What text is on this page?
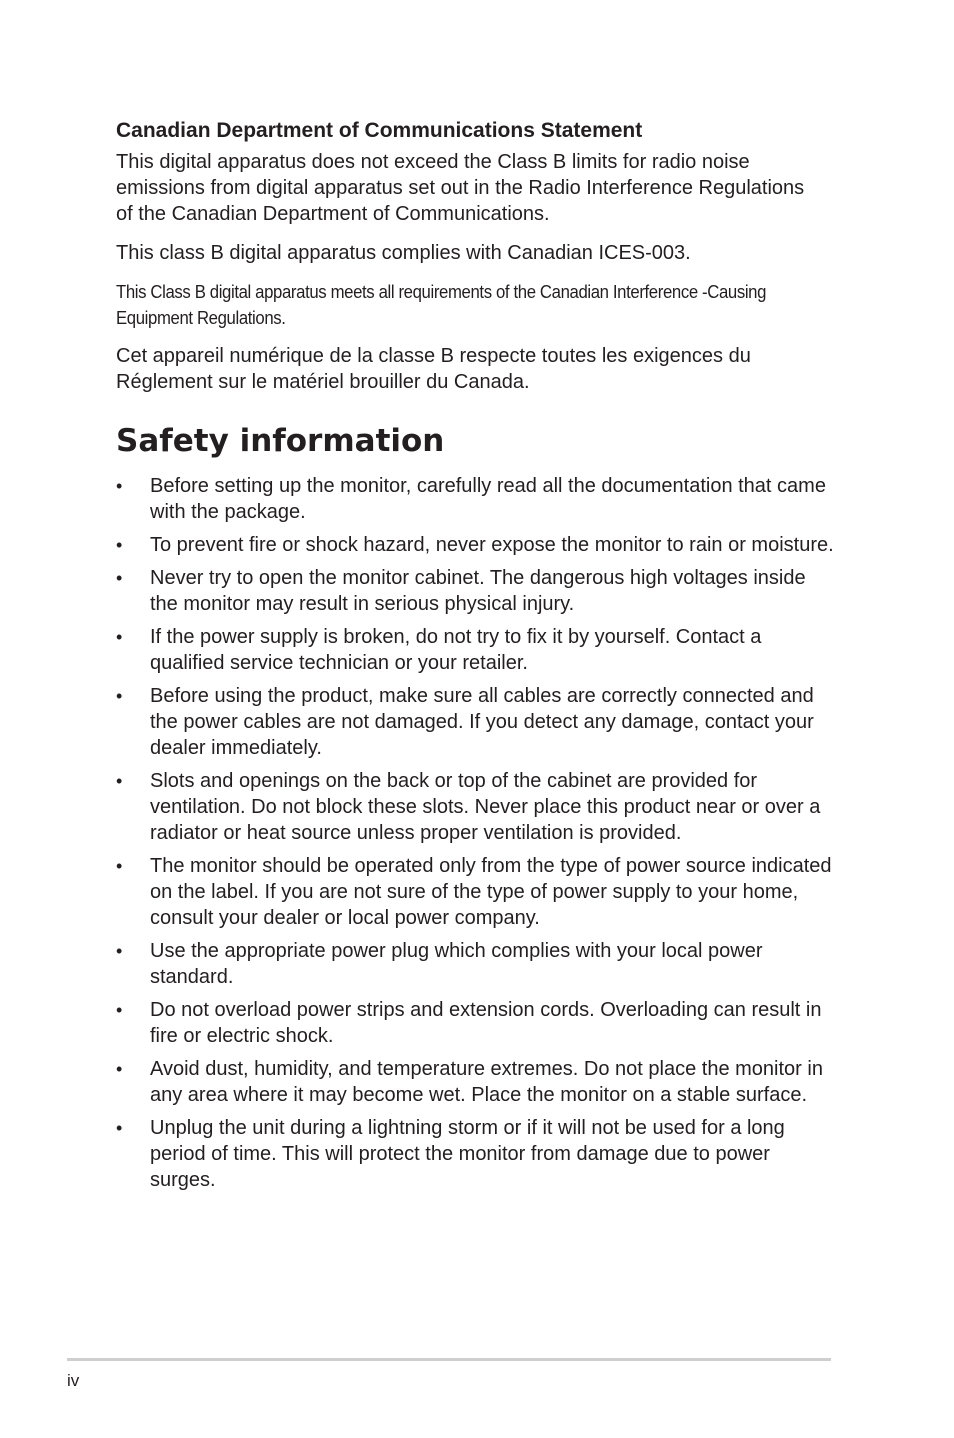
Canadian Department of Communications Statement

This digital apparatus does not exceed the Class B limits for radio noise emissions from digital apparatus set out in the Radio Interference Regulations of the Canadian Department of Communications.

This class B digital apparatus complies with Canadian ICES-003.

This Class B digital apparatus meets all requirements of the Canadian Interference -Causing Equipment Regulations.

Cet appareil numérique de la classe B respecte toutes les exigences du Réglement sur le matériel brouiller du Canada.

Safety information
• Before setting up the monitor, carefully read all the documentation that came with the package.
• To prevent fire or shock hazard, never expose the monitor to rain or moisture.
• Never try to open the monitor cabinet. The dangerous high voltages inside the monitor may result in serious physical injury.
• If the power supply is broken, do not try to fix it by yourself. Contact a qualified service technician or your retailer.
• Before using the product, make sure all cables are correctly connected and the power cables are not damaged. If you detect any damage, contact your dealer immediately.
• Slots and openings on the back or top of the cabinet are provided for ventilation. Do not block these slots. Never place this product near or over a radiator or heat source unless proper ventilation is provided.
• The monitor should be operated only from the type of power source indicated on the label. If you are not sure of the type of power supply to your home, consult your dealer or local power company.
• Use the appropriate power plug which complies with your local power standard.
• Do not overload power strips and extension cords. Overloading can result in fire or electric shock.
• Avoid dust, humidity, and temperature extremes. Do not place the monitor in any area where it may become wet. Place the monitor on a stable surface.
• Unplug the unit during a lightning storm or if it will not be used for a long period of time. This will protect the monitor from damage due to power surges.
iv
